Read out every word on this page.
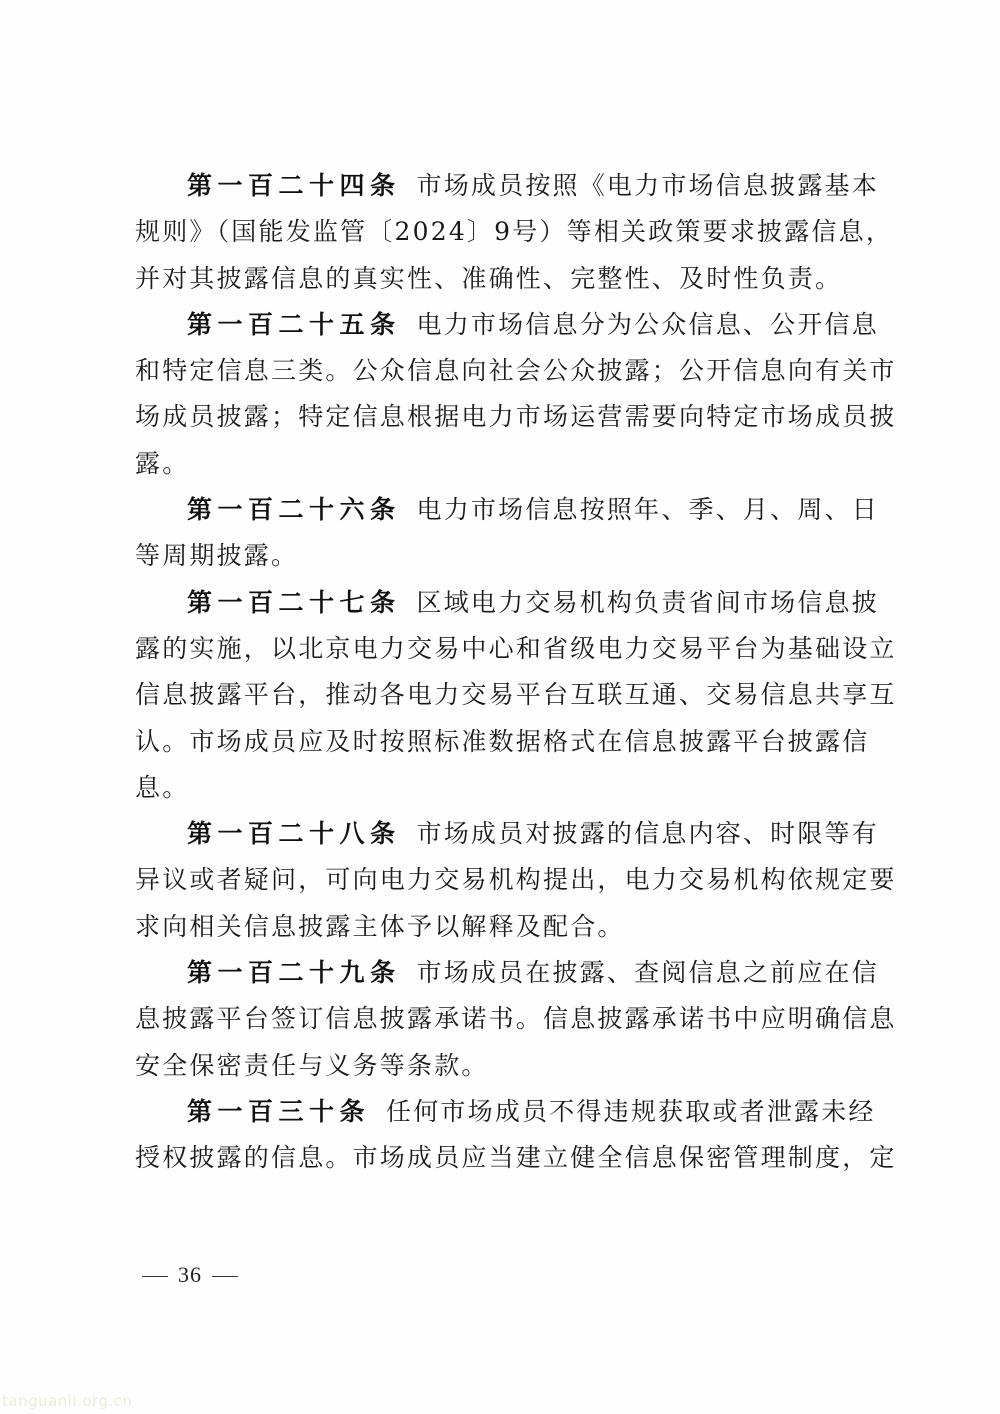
第一百二十四条 市场成员按照《电力市场信息披露基本
规则》（国能发监管〔2024〕9号）等相关政策要求披露信息，
并对其披露信息的真实性、准确性、完整性、及时性负责。
第一百二十五条 电力市场信息分为公众信息、公开信息
和特定信息三类。公众信息向社会公众披露；公开信息向有关市
场成员披露；特定信息根据电力市场运营需要向特定市场成员披
露。
第一百二十六条 电力市场信息按照年、季、月、周、日
等周期披露。
第一百二十七条 区域电力交易机构负责省间市场信息披
露的实施，以北京电力交易中心和省级电力交易平台为基础设立
信息披露平台，推动各电力交易平台互联互通、交易信息共享互
认。市场成员应及时按照标准数据格式在信息披露平台披露信
息。
第一百二十八条 市场成员对披露的信息内容、时限等有
异议或者疑问，可向电力交易机构提出，电力交易机构依规定要
求向相关信息披露主体予以解释及配合。
第一百二十九条 市场成员在披露、查阅信息之前应在信
息披露平台签订信息披露承诺书。信息披露承诺书中应明确信息
安全保密责任与义务等条款。
第一百三十条 任何市场成员不得违规获取或者泄露未经
授权披露的信息。市场成员应当建立健全信息保密管理制度，定
36
tanguanli.org.cn
